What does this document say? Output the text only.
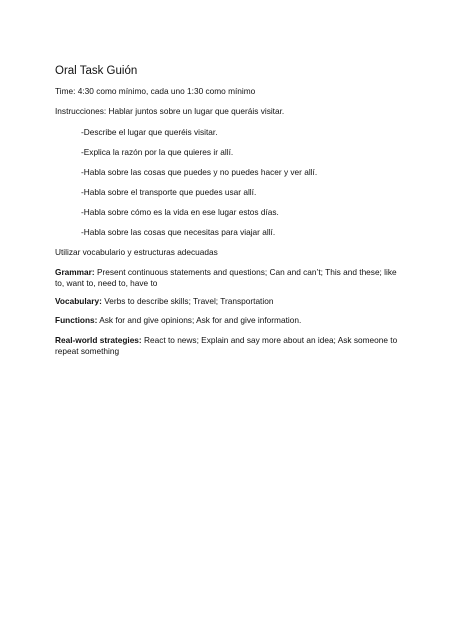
Oral Task Guión
Time: 4:30 como mínimo, cada uno 1:30 como mínimo
Instrucciones: Hablar juntos sobre un lugar que queráis visitar.
-Describe el lugar que queréis visitar.
-Explica la razón por la que quieres ir allí.
-Habla sobre las cosas que puedes y no puedes hacer y ver allí.
-Habla sobre el transporte que puedes usar allí.
-Habla sobre cómo es la vida en ese lugar estos días.
-Habla sobre las cosas que necesitas para viajar allí.
Utilizar vocabulario y estructuras adecuadas
Grammar: Present continuous statements and questions; Can and can’t; This and these; like to, want to, need to, have to
Vocabulary: Verbs to describe skills; Travel; Transportation
Functions: Ask for and give opinions; Ask for and give information.
Real-world strategies: React to news; Explain and say more about an idea; Ask someone to repeat something
